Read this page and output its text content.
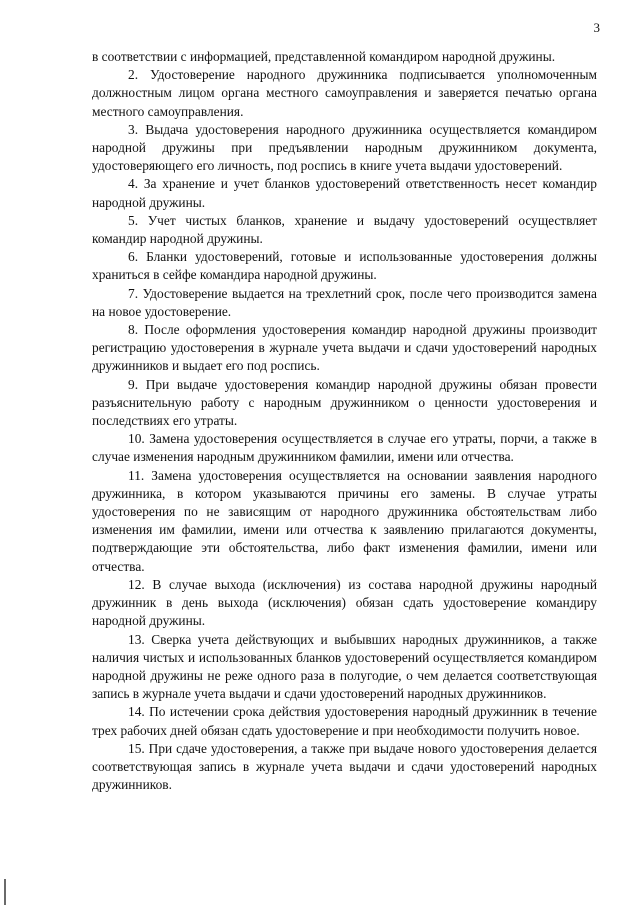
3

в соответствии с информацией, представленной командиром народной дружины.

2. Удостоверение народного дружинника подписывается уполномоченным должностным лицом органа местного самоуправления и заверяется печатью органа местного самоуправления.

3. Выдача удостоверения народного дружинника осуществляется командиром народной дружины при предъявлении народным дружинником документа, удостоверяющего его личность, под роспись в книге учета выдачи удостоверений.

4. За хранение и учет бланков удостоверений ответственность несет командир народной дружины.

5. Учет чистых бланков, хранение и выдачу удостоверений осуществляет командир народной дружины.

6. Бланки удостоверений, готовые и использованные удостоверения должны храниться в сейфе командира народной дружины.

7. Удостоверение выдается на трехлетний срок, после чего производится замена на новое удостоверение.

8. После оформления удостоверения командир народной дружины производит регистрацию удостоверения в журнале учета выдачи и сдачи удостоверений народных дружинников и выдает его под роспись.

9. При выдаче удостоверения командир народной дружины обязан провести разъяснительную работу с народным дружинником о ценности удостоверения и последствиях его утраты.

10. Замена удостоверения осуществляется в случае его утраты, порчи, а также в случае изменения народным дружинником фамилии, имени или отчества.

11. Замена удостоверения осуществляется на основании заявления народного дружинника, в котором указываются причины его замены. В случае утраты удостоверения по не зависящим от народного дружинника обстоятельствам либо изменения им фамилии, имени или отчества к заявлению прилагаются документы, подтверждающие эти обстоятельства, либо факт изменения фамилии, имени или отчества.

12. В случае выхода (исключения) из состава народной дружины народный дружинник в день выхода (исключения) обязан сдать удостоверение командиру народной дружины.

13. Сверка учета действующих и выбывших народных дружинников, а также наличия чистых и использованных бланков удостоверений осуществляется командиром народной дружины не реже одного раза в полугодие, о чем делается соответствующая запись в журнале учета выдачи и сдачи удостоверений народных дружинников.

14. По истечении срока действия удостоверения народный дружинник в течение трех рабочих дней обязан сдать удостоверение и при необходимости получить новое.

15. При сдаче удостоверения, а также при выдаче нового удостоверения делается соответствующая запись в журнале учета выдачи и сдачи удостоверений народных дружинников.
